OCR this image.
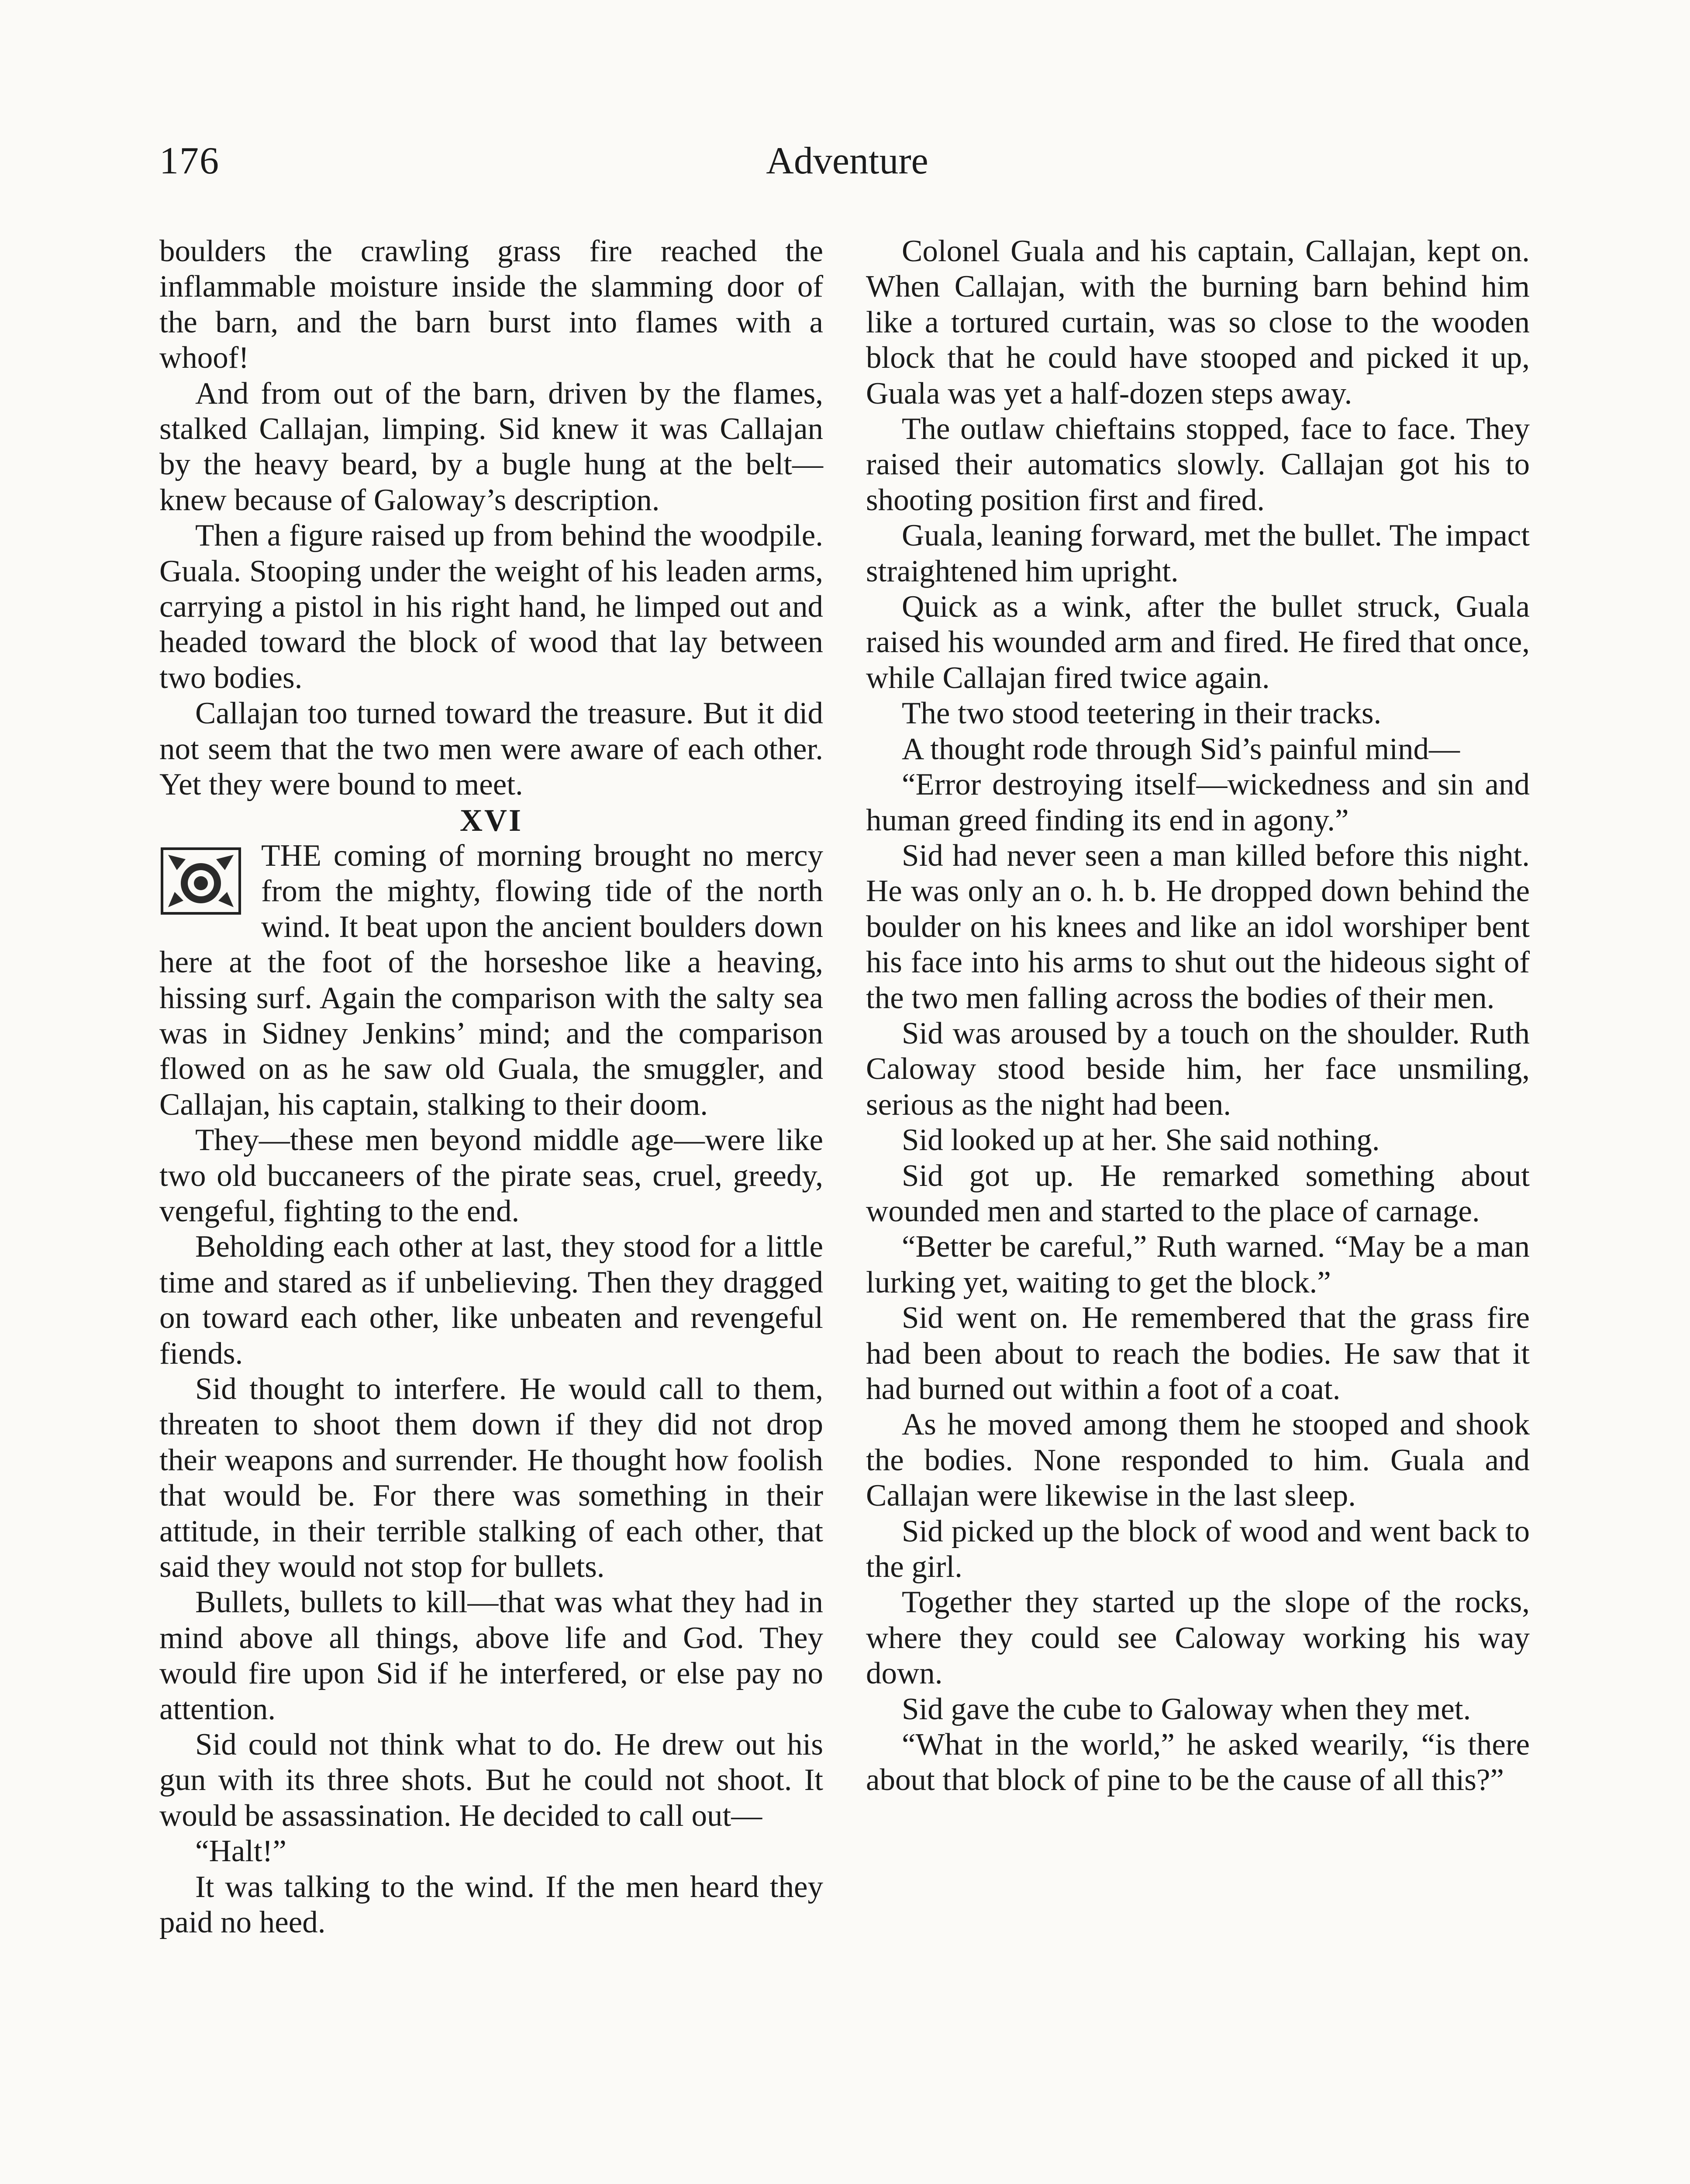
176	Adventure

boulders the crawling grass fire reached the inflammable moisture inside the slamming door of the barn, and the barn burst into flames with a whoof!

And from out of the barn, driven by the flames, stalked Callajan, limping. Sid knew it was Callajan by the heavy beard, by a bugle hung at the belt—knew because of Galoway’s description.

Then a figure raised up from behind the woodpile. Guala. Stooping under the weight of his leaden arms, carrying a pistol in his right hand, he limped out and headed toward the block of wood that lay between two bodies.

Callajan too turned toward the treasure. But it did not seem that the two men were aware of each other. Yet they were bound to meet.

XVI

THE coming of morning brought no mercy from the mighty, flowing tide of the north wind. It beat upon the ancient boulders down here at the foot of the horseshoe like a heaving, hissing surf. Again the comparison with the salty sea was in Sidney Jenkins’ mind; and the comparison flowed on as he saw old Guala, the smuggler, and Callajan, his captain, stalking to their doom.

They—these men beyond middle age—were like two old buccaneers of the pirate seas, cruel, greedy, vengeful, fighting to the end.

Beholding each other at last, they stood for a little time and stared as if unbelieving. Then they dragged on toward each other, like unbeaten and revengeful fiends.

Sid thought to interfere. He would call to them, threaten to shoot them down if they did not drop their weapons and surrender. He thought how foolish that would be. For there was something in their attitude, in their terrible stalking of each other, that said they would not stop for bullets.

Bullets, bullets to kill—that was what they had in mind above all things, above life and God. They would fire upon Sid if he interfered, or else pay no attention.

Sid could not think what to do. He drew out his gun with its three shots. But he could not shoot. It would be assassination. He decided to call out—

“Halt!”

It was talking to the wind. If the men heard they paid no heed.

Colonel Guala and his captain, Callajan, kept on. When Callajan, with the burning barn behind him like a tortured curtain, was so close to the wooden block that he could have stooped and picked it up, Guala was yet a half-dozen steps away.

The outlaw chieftains stopped, face to face. They raised their automatics slowly. Callajan got his to shooting position first and fired.

Guala, leaning forward, met the bullet. The impact straightened him upright.

Quick as a wink, after the bullet struck, Guala raised his wounded arm and fired. He fired that once, while Callajan fired twice again.

The two stood teetering in their tracks.

A thought rode through Sid’s painful mind—

“Error destroying itself—wickedness and sin and human greed finding its end in agony.”

Sid had never seen a man killed before this night. He was only an o. h. b. He dropped down behind the boulder on his knees and like an idol worshiper bent his face into his arms to shut out the hideous sight of the two men falling across the bodies of their men.

Sid was aroused by a touch on the shoulder. Ruth Caloway stood beside him, her face unsmiling, serious as the night had been.

Sid looked up at her. She said nothing.

Sid got up. He remarked something about wounded men and started to the place of carnage.

“Better be careful,” Ruth warned. “May be a man lurking yet, waiting to get the block.”

Sid went on. He remembered that the grass fire had been about to reach the bodies. He saw that it had burned out within a foot of a coat.

As he moved among them he stooped and shook the bodies. None responded to him. Guala and Callajan were likewise in the last sleep.

Sid picked up the block of wood and went back to the girl.

Together they started up the slope of the rocks, where they could see Caloway working his way down.

Sid gave the cube to Galoway when they met.

“What in the world,” he asked wearily, “is there about that block of pine to be the cause of all this?”
